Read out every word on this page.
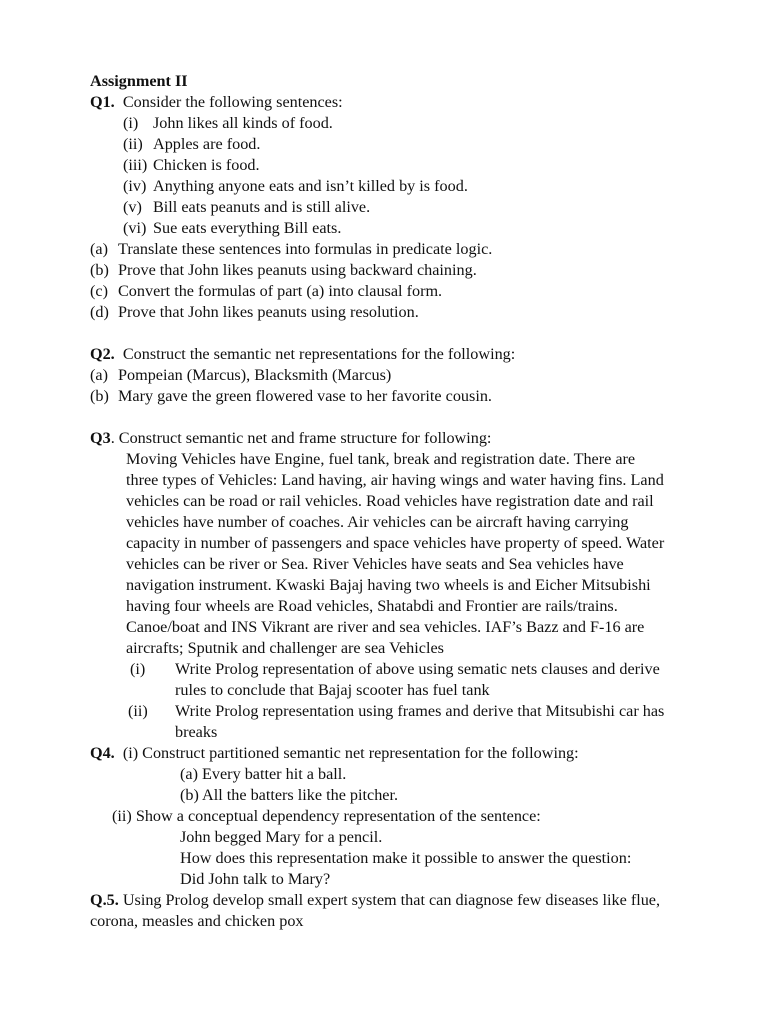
Assignment II
Q1. Consider the following sentences:
(i) John likes all kinds of food.
(ii) Apples are food.
(iii) Chicken is food.
(iv) Anything anyone eats and isn’t killed by is food.
(v) Bill eats peanuts and is still alive.
(vi) Sue eats everything Bill eats.
(a) Translate these sentences into formulas in predicate logic.
(b) Prove that John likes peanuts using backward chaining.
(c) Convert the formulas of part (a) into clausal form.
(d) Prove that John likes peanuts using resolution.
Q2. Construct the semantic net representations for the following:
(a) Pompeian (Marcus), Blacksmith (Marcus)
(b) Mary gave the green flowered vase to her favorite cousin.
Q3. Construct semantic net and frame structure for following:
Moving Vehicles have Engine, fuel tank, break and registration date. There are
three types of Vehicles: Land having, air having wings and water having fins. Land
vehicles can be road or rail vehicles. Road vehicles have registration date and rail
vehicles have number of coaches. Air vehicles can be aircraft having carrying
capacity in number of passengers and space vehicles have property of speed. Water
vehicles can be river or Sea. River Vehicles have seats and Sea vehicles have
navigation instrument. Kwaski Bajaj having two wheels is and Eicher Mitsubishi
having four wheels are Road vehicles, Shatabdi and Frontier are rails/trains.
Canoe/boat and INS Vikrant are river and sea vehicles. IAF’s Bazz and F-16 are
aircrafts; Sputnik and challenger are sea Vehicles
(i) Write Prolog representation of above using sematic nets clauses and derive
rules to conclude that Bajaj scooter has fuel tank
(ii) Write Prolog representation using frames and derive that Mitsubishi car has
breaks
Q4. (i) Construct partitioned semantic net representation for the following:
(a) Every batter hit a ball.
(b) All the batters like the pitcher.
(ii) Show a conceptual dependency representation of the sentence:
John begged Mary for a pencil.
How does this representation make it possible to answer the question:
Did John talk to Mary?
Q.5. Using Prolog develop small expert system that can diagnose few diseases like flue,
corona, measles and chicken pox
